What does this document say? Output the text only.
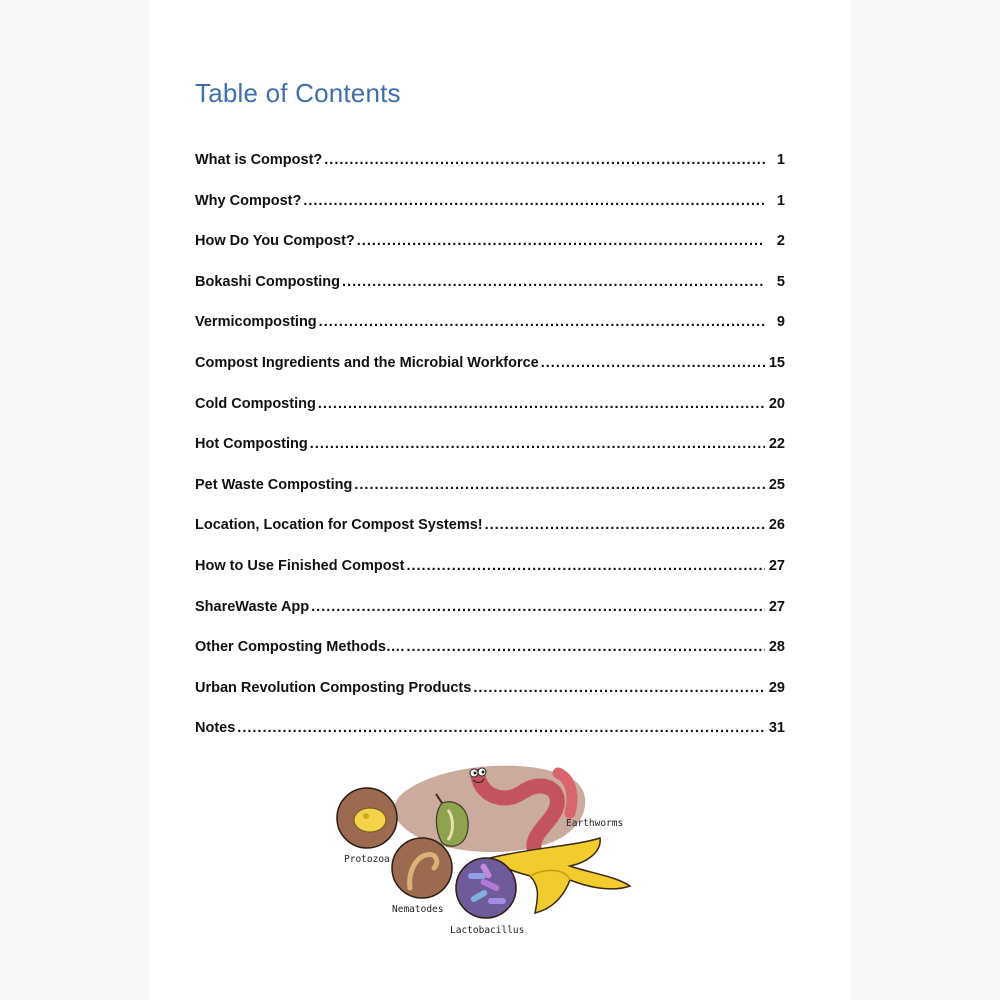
Table of Contents
What is Compost? .....	1
Why Compost? .....	1
How Do You Compost? .....	2
Bokashi Composting .....	5
Vermicomposting .....	9
Compost Ingredients and the Microbial Workforce .....	15
Cold Composting .....	20
Hot Composting .....	22
Pet Waste Composting .....	25
Location, Location for Compost Systems! .....	26
How to Use Finished Compost .....	27
ShareWaste App .....	27
Other Composting Methods…. .....	28
Urban Revolution Composting Products .....	29
Notes .....	31
Earthworms
Protozoa
Nematodes
Lactobacillus
